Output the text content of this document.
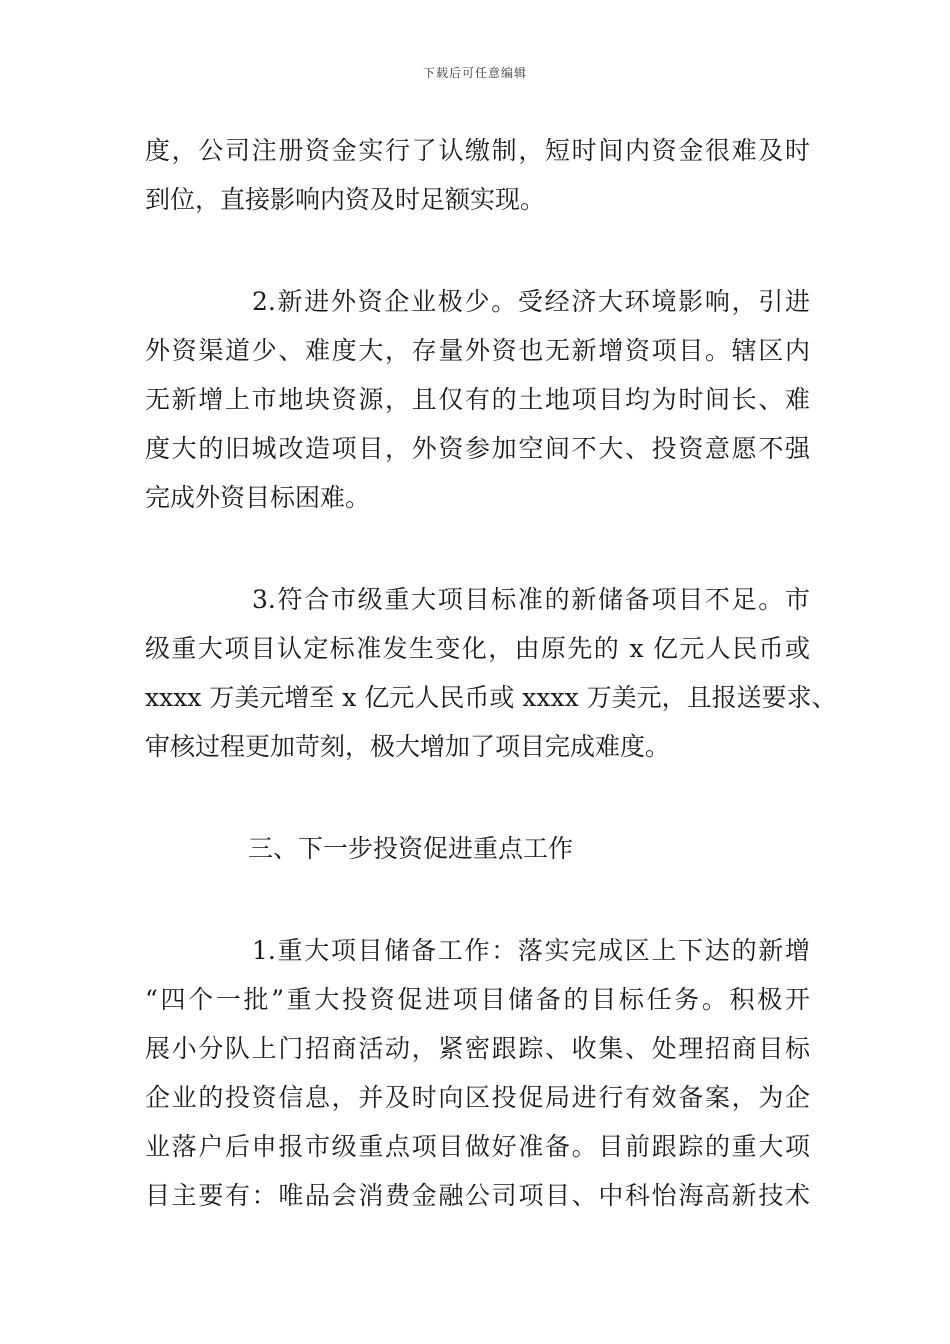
下载后可任意编辑
度，公司注册资金实行了认缴制，短时间内资金很难及时
到位，直接影响内资及时足额实现。
2.新进外资企业极少。受经济大环境影响，引进
外资渠道少、难度大，存量外资也无新增资项目。辖区内
无新增上市地块资源，且仅有的土地项目均为时间长、难
度大的旧城改造项目，外资参加空间不大、投资意愿不强
完成外资目标困难。
3.符合市级重大项目标准的新储备项目不足。市
级重大项目认定标准发生变化，由原先的 x 亿元人民币或
xxxx 万美元增至 x 亿元人民币或 xxxx 万美元，且报送要求、
审核过程更加苛刻，极大增加了项目完成难度。
三、下一步投资促进重点工作
1.重大项目储备工作：落实完成区上下达的新增
“四个一批”重大投资促进项目储备的目标任务。积极开
展小分队上门招商活动，紧密跟踪、收集、处理招商目标
企业的投资信息，并及时向区投促局进行有效备案，为企
业落户后申报市级重点项目做好准备。目前跟踪的重大项
目主要有：唯品会消费金融公司项目、中科怡海高新技术
